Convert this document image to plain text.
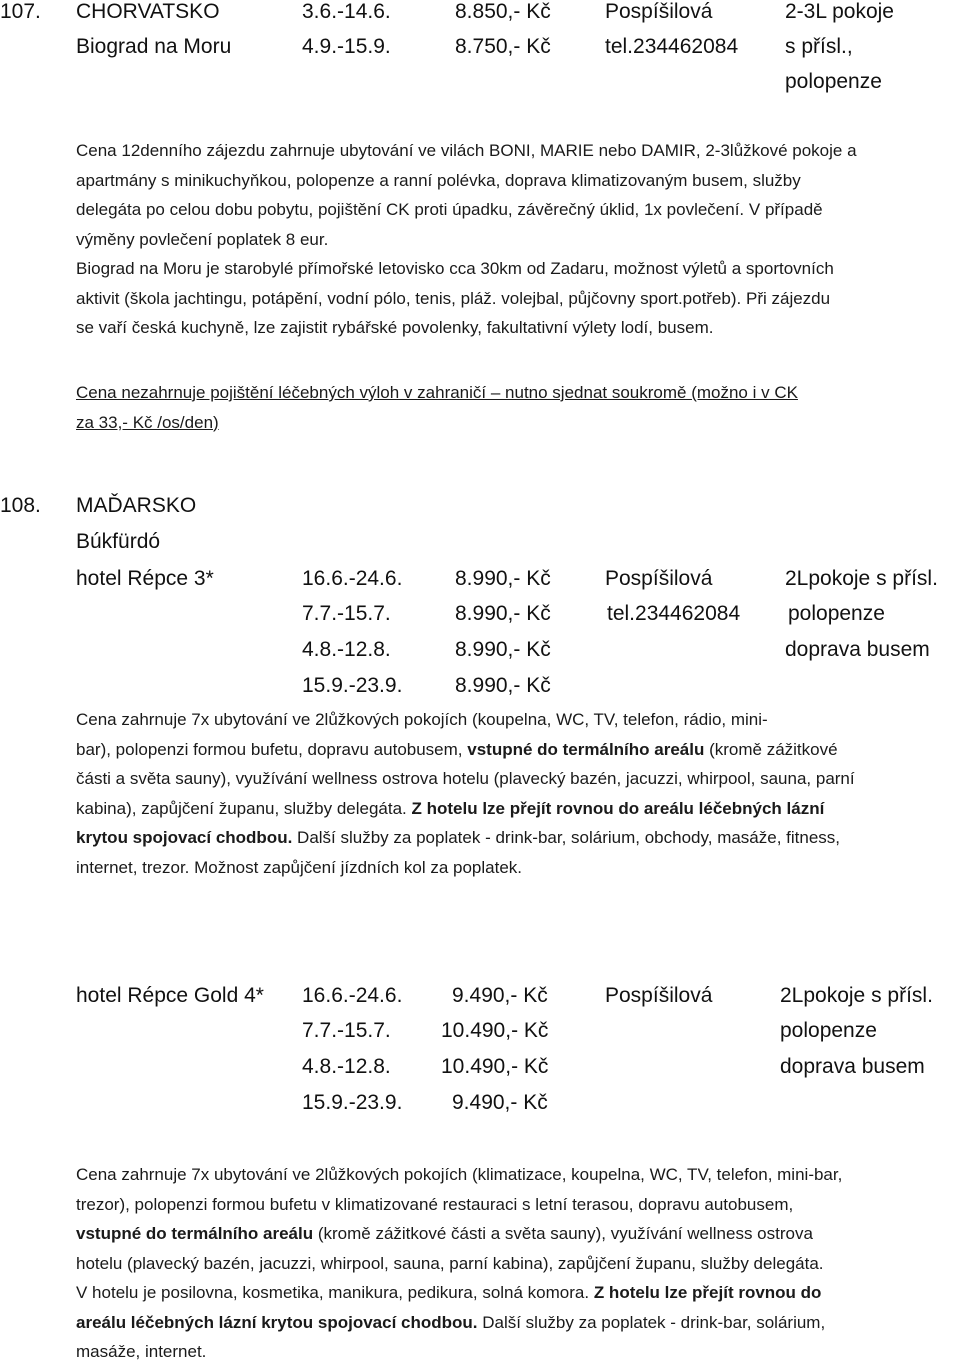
107. CHORVATSKO
Biograd na Moru
3.6.-14.6.
4.9.-15.9.
8.850,- Kč
8.750,- Kč
Pospíšilová
tel.234462084
2-3L pokoje
s přísl.,
polopenze
Cena 12denního zájezdu zahrnuje ubytování ve vilách BONI, MARIE nebo DAMIR, 2-3lůžkové pokoje a
apartmány s minikuchyňkou, polopenze a ranní polévka, doprava klimatizovaným busem, služby
delegáta po celou dobu pobytu, pojištění CK proti úpadku, závěrečný úklid, 1x povlečení. V případě
výměny povlečení poplatek 8 eur.
Biograd na Moru je starobylé přímořské letovisko cca 30km od Zadaru, možnost výletů a sportovních
aktivit (škola jachtingu, potápění, vodní pólo, tenis, pláž. volejbal, půjčovny sport.potřeb). Při zájezdu
se vaří česká kuchyně, lze zajistit rybářské povolenky, fakultativní výlety lodí, busem.
Cena nezahrnuje pojištění léčebných výloh v zahraničí – nutno sjednat soukromě (možno i v CK
za 33,- Kč /os/den)
108. MAĎARSKO
Búkfürdó
hotel Répce 3*	16.6.-24.6.
7.7.-15.7.
4.8.-12.8.
15.9.-23.9.
8.990,- Kč
8.990,- Kč
8.990,- Kč
8.990,- Kč
Pospíšilová
tel.234462084
2Lpokoje s přísl.
polopenze
doprava busem
Cena zahrnuje 7x ubytování ve 2lůžkových pokojích (koupelna, WC, TV, telefon, rádio, mini-
bar), polopenzi formou bufetu, dopravu autobusem, vstupné do termálního areálu (kromě zážitkové
části a světa sauny), využívání wellness ostrova hotelu (plavecký bazén, jacuzzi, whirpool, sauna, parní
kabina), zapůjčení županu, služby delegáta. Z hotelu lze přejít rovnou do areálu léčebných lázní
krytou spojovací chodbou. Další služby za poplatek - drink-bar, solárium, obchody, masáže, fitness,
internet, trezor. Možnost zapůjčení jízdních kol za poplatek.
hotel Répce Gold 4* 16.6.-24.6.
7.7.-15.7.
4.8.-12.8.
15.9.-23.9.
9.490,- Kč
10.490,- Kč
10.490,- Kč
9.490,- Kč
Pospíšilová	2Lpokoje s přísl.
polopenze
doprava busem
Cena zahrnuje 7x ubytování ve 2lůžkových pokojích (klimatizace, koupelna, WC, TV, telefon, mini-bar,
trezor), polopenzi formou bufetu v klimatizované restauraci s letní terasou, dopravu autobusem,
vstupné do termálního areálu (kromě zážitkové části a světa sauny), využívání wellness ostrova
hotelu (plavecký bazén, jacuzzi, whirpool, sauna, parní kabina), zapůjčení županu, služby delegáta.
V hotelu je posilovna, kosmetika, manikura, pedikura, solná komora. Z hotelu lze přejít rovnou do
areálu léčebných lázní krytou spojovací chodbou. Další služby za poplatek - drink-bar, solárium,
masáže, internet.
